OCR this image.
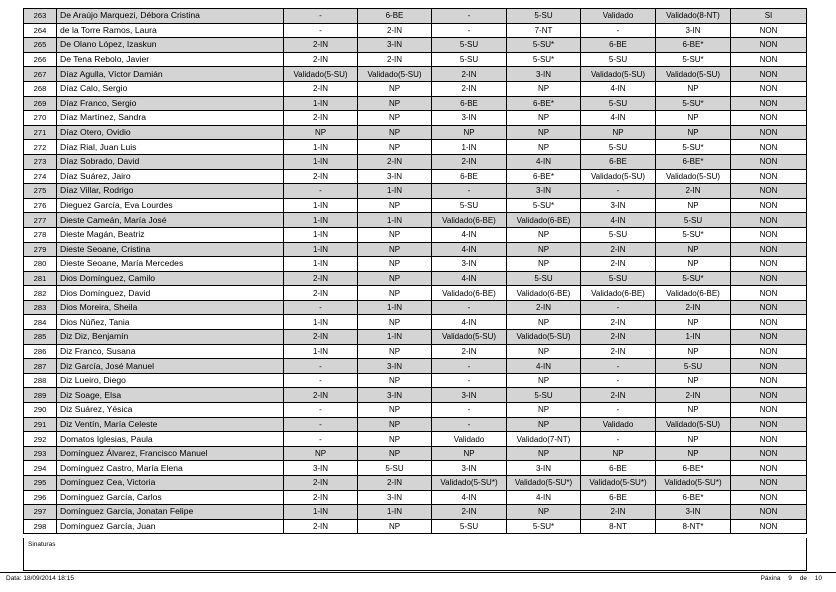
263	De Araújo Marquezi, Débora Cristina	-	6-BE	-	5-SU	Validado	Validado(8-NT)	SI
264	de la Torre Ramos, Laura	-	2-IN	-	7-NT	-	3-IN	NON
265	De Olano López, Izaskun	2-IN	3-IN	5-SU	5-SU*	6-BE	6-BE*	NON
266	De Tena Rebolo, Javier	2-IN	2-IN	5-SU	5-SU*	5-SU	5-SU*	NON
267	Díaz Agulla, Víctor Damián	Validado(5-SU)	Validado(5-SU)	2-IN	3-IN	Validado(5-SU)	Validado(5-SU)	NON
268	Díaz Calo, Sergio	2-IN	NP	2-IN	NP	4-IN	NP	NON
269	Díaz Franco, Sergio	1-IN	NP	6-BE	6-BE*	5-SU	5-SU*	NON
270	Díaz Martínez, Sandra	2-IN	NP	3-IN	NP	4-IN	NP	NON
271	Díaz Otero, Ovidio	NP	NP	NP	NP	NP	NP	NON
272	Díaz Rial, Juan Luis	1-IN	NP	1-IN	NP	5-SU	5-SU*	NON
273	Díaz Sobrado, David	1-IN	2-IN	2-IN	4-IN	6-BE	6-BE*	NON
274	Díaz Suárez, Jairo	2-IN	3-IN	6-BE	6-BE*	Validado(5-SU)	Validado(5-SU)	NON
275	Díaz Villar, Rodrigo	-	1-IN	-	3-IN	-	2-IN	NON
276	Dieguez García, Eva Lourdes	1-IN	NP	5-SU	5-SU*	3-IN	NP	NON
277	Dieste Cameán, María José	1-IN	1-IN	Validado(6-BE)	Validado(6-BE)	4-IN	5-SU	NON
278	Dieste Magán, Beatriz	1-IN	NP	4-IN	NP	5-SU	5-SU*	NON
279	Dieste Seoane, Cristina	1-IN	NP	4-IN	NP	2-IN	NP	NON
280	Dieste Seoane, María Mercedes	1-IN	NP	3-IN	NP	2-IN	NP	NON
281	Dios Domínguez, Camilo	2-IN	NP	4-IN	5-SU	5-SU	5-SU*	NON
282	Dios Domínguez, David	2-IN	NP	Validado(6-BE)	Validado(6-BE)	Validado(6-BE)	Validado(6-BE)	NON
283	Dios Moreira, Sheila	-	1-IN	-	2-IN	-	2-IN	NON
284	Dios Núñez, Tania	1-IN	NP	4-IN	NP	2-IN	NP	NON
285	Diz Diz, Benjamín	2-IN	1-IN	Validado(5-SU)	Validado(5-SU)	2-IN	1-IN	NON
286	Diz Franco, Susana	1-IN	NP	2-IN	NP	2-IN	NP	NON
287	Diz García, José Manuel	-	3-IN	-	4-IN	-	5-SU	NON
288	Diz Lueiro, Diego	-	NP	-	NP	-	NP	NON
289	Diz Soage, Elsa	2-IN	3-IN	3-IN	5-SU	2-IN	2-IN	NON
290	Diz Suárez, Yésica	-	NP	-	NP	-	NP	NON
291	Diz Ventín, María Celeste	-	NP	-	NP	Validado	Validado(5-SU)	NON
292	Domatos Iglesias, Paula	-	NP	Validado	Validado(7-NT)	-	NP	NON
293	Domínguez Álvarez, Francisco Manuel	NP	NP	NP	NP	NP	NP	NON
294	Domínguez Castro, María Elena	3-IN	5-SU	3-IN	3-IN	6-BE	6-BE*	NON
295	Domínguez Cea, Victoria	2-IN	2-IN	Validado(5-SU*)	Validado(5-SU*)	Validado(5-SU*)	Validado(5-SU*)	NON
296	Domínguez García, Carlos	2-IN	3-IN	4-IN	4-IN	6-BE	6-BE*	NON
297	Domínguez García, Jonatan Felipe	1-IN	1-IN	2-IN	NP	2-IN	3-IN	NON
298	Domínguez García, Juan	2-IN	NP	5-SU	5-SU*	8-NT	8-NT*	NON
Sinaturas
Data: 18/09/2014 18:15	Páxina 9 de 10
